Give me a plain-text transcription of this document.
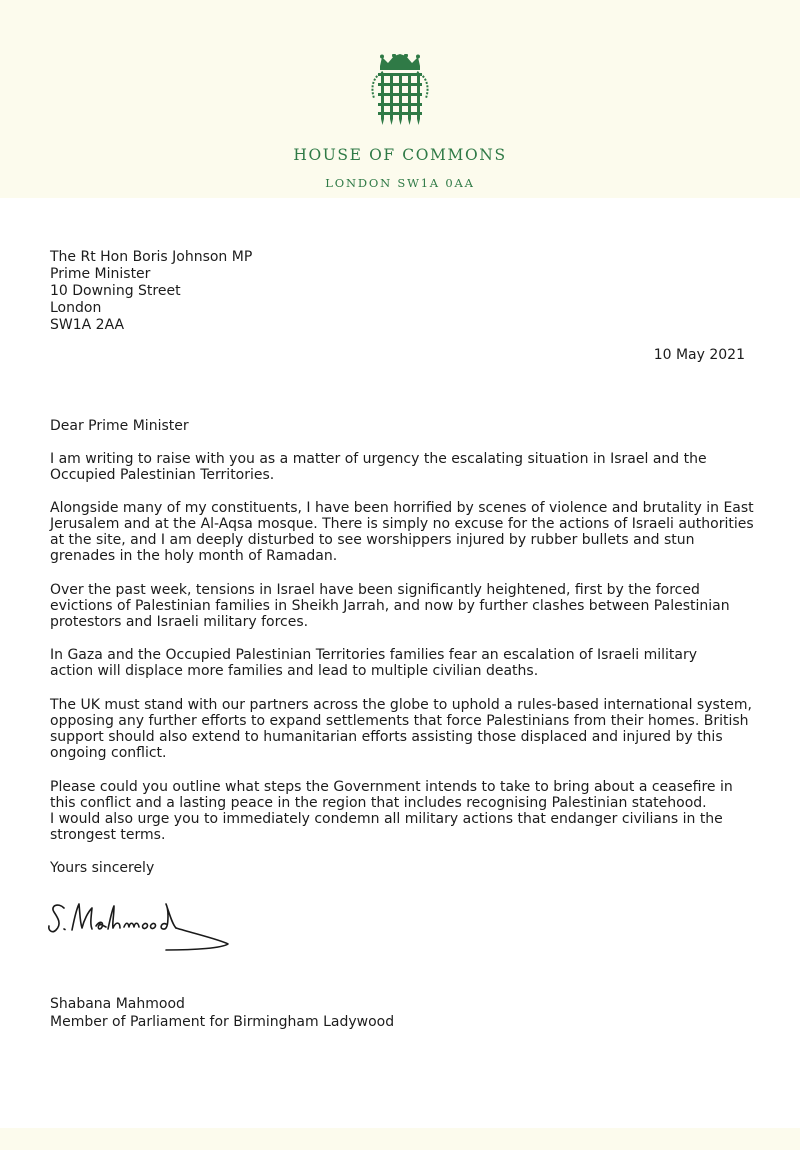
HOUSE OF COMMONS
LONDON SW1A 0AA
The Rt Hon Boris Johnson MP
Prime Minister
10 Downing Street
London
SW1A 2AA
10 May 2021
Dear Prime Minister
I am writing to raise with you as a matter of urgency the escalating situation in Israel and the
Occupied Palestinian Territories.
Alongside many of my constituents, I have been horrified by scenes of violence and brutality in East
Jerusalem and at the Al-Aqsa mosque. There is simply no excuse for the actions of Israeli authorities
at the site, and I am deeply disturbed to see worshippers injured by rubber bullets and stun
grenades in the holy month of Ramadan.
Over the past week, tensions in Israel have been significantly heightened, first by the forced
evictions of Palestinian families in Sheikh Jarrah, and now by further clashes between Palestinian
protestors and Israeli military forces.
In Gaza and the Occupied Palestinian Territories families fear an escalation of Israeli military
action will displace more families and lead to multiple civilian deaths.
The UK must stand with our partners across the globe to uphold a rules-based international system,
opposing any further efforts to expand settlements that force Palestinians from their homes. British
support should also extend to humanitarian efforts assisting those displaced and injured by this
ongoing conflict.
Please could you outline what steps the Government intends to take to bring about a ceasefire in
this conflict and a lasting peace in the region that includes recognising Palestinian statehood.
I would also urge you to immediately condemn all military actions that endanger civilians in the
strongest terms.
Yours sincerely
Shabana Mahmood
Member of Parliament for Birmingham Ladywood
